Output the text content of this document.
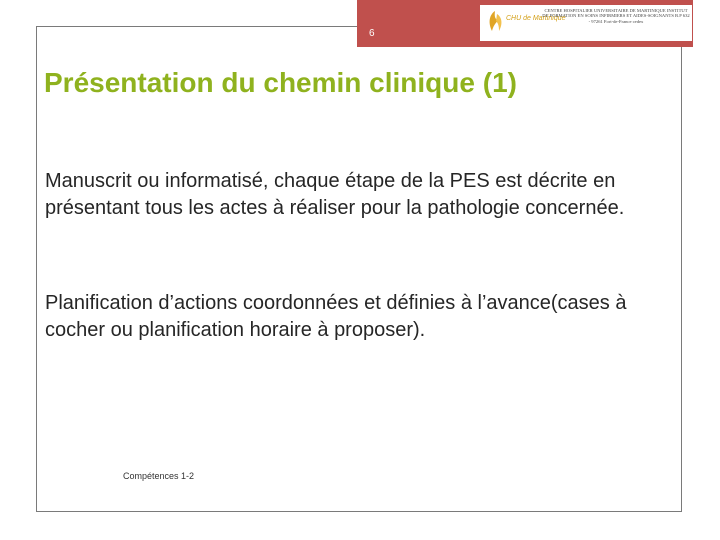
6
CHU de Martinique
CENTRE HOSPITALIER UNIVERSITAIRE DE MARTINIQUE INSTITUT DE FORMATION EN SOINS INFIRMIERS ET AIDES-SOIGNANTS B.P 632 - 97261 Fort-de-France cedex
Présentation du chemin clinique (1)

Manuscrit ou informatisé, chaque étape de la PES est décrite en présentant tous les actes à réaliser pour la pathologie concernée.

Planification d’actions coordonnées et définies à l’avance(cases à cocher ou planification horaire à proposer).

Compétences 1-2
